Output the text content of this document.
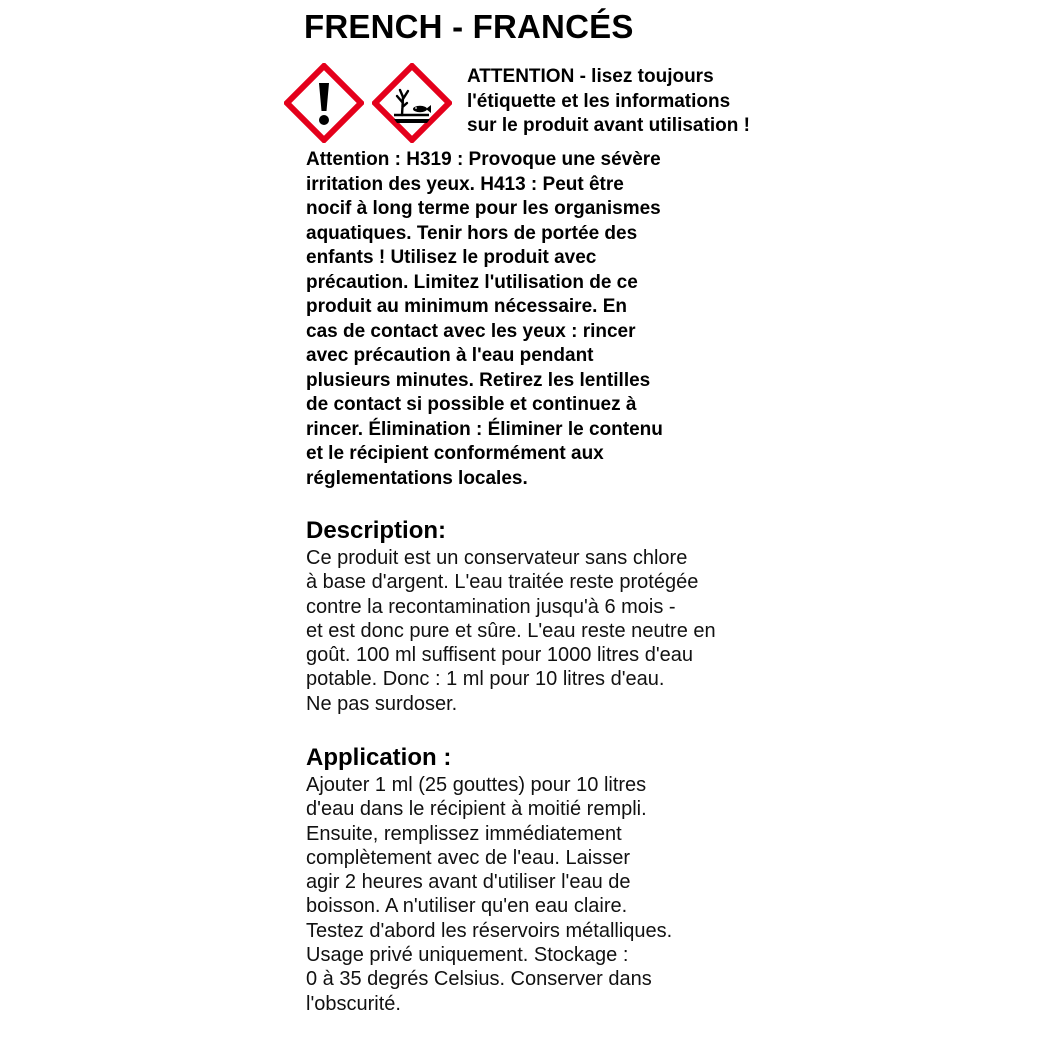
FRENCH - FRANCÉS
ATTENTION - lisez toujours
l'étiquette et les informations
sur le produit avant utilisation !
Attention : H319 : Provoque une sévère
irritation des yeux. H413 : Peut être
nocif à long terme pour les organismes
aquatiques. Tenir hors de portée des
enfants ! Utilisez le produit avec
précaution. Limitez l'utilisation de ce
produit au minimum nécessaire. En
cas de contact avec les yeux : rincer
avec précaution à l'eau pendant
plusieurs minutes. Retirez les lentilles
de contact si possible et continuez à
rincer. Élimination : Éliminer le contenu
et le récipient conformément aux
réglementations locales.
Description:
Ce produit est un conservateur sans chlore
à base d'argent. L'eau traitée reste protégée
contre la recontamination jusqu'à 6 mois -
et est donc pure et sûre. L'eau reste neutre en
goût. 100 ml suffisent pour 1000 litres d'eau
potable. Donc : 1 ml pour 10 litres d'eau.
Ne pas surdoser.
Application :
Ajouter 1 ml (25 gouttes) pour 10 litres
d'eau dans le récipient à moitié rempli.
Ensuite, remplissez immédiatement
complètement avec de l'eau. Laisser
agir 2 heures avant d'utiliser l'eau de
boisson. A n'utiliser qu'en eau claire.
Testez d'abord les réservoirs métalliques.
Usage privé uniquement. Stockage :
0 à 35 degrés Celsius. Conserver dans
l'obscurité.
